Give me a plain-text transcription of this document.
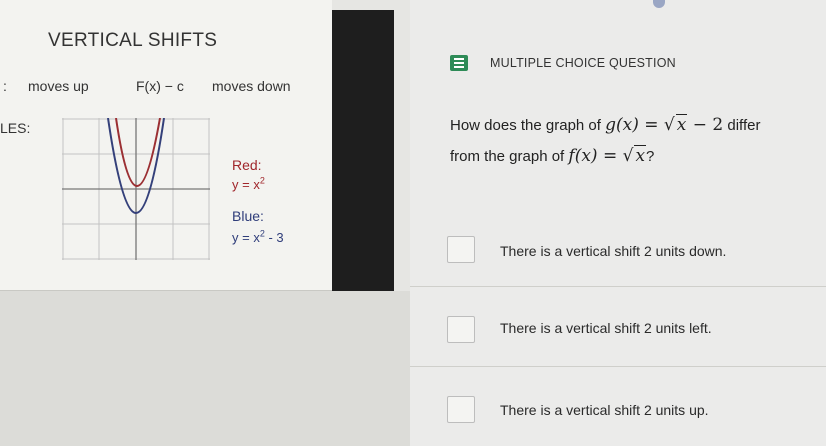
VERTICAL SHIFTS
: moves up	F(x) − c moves down
LES:
Red:
$y = x^2$
Blue:
$y = x^2 - 3$
MULTIPLE CHOICE QUESTION
How does the graph of g(x) = √ x − 2 differ
from the graph of f(x) = √ x?
There is a vertical shift 2 units down.
There is a vertical shift 2 units left.
There is a vertical shift 2 units up.
